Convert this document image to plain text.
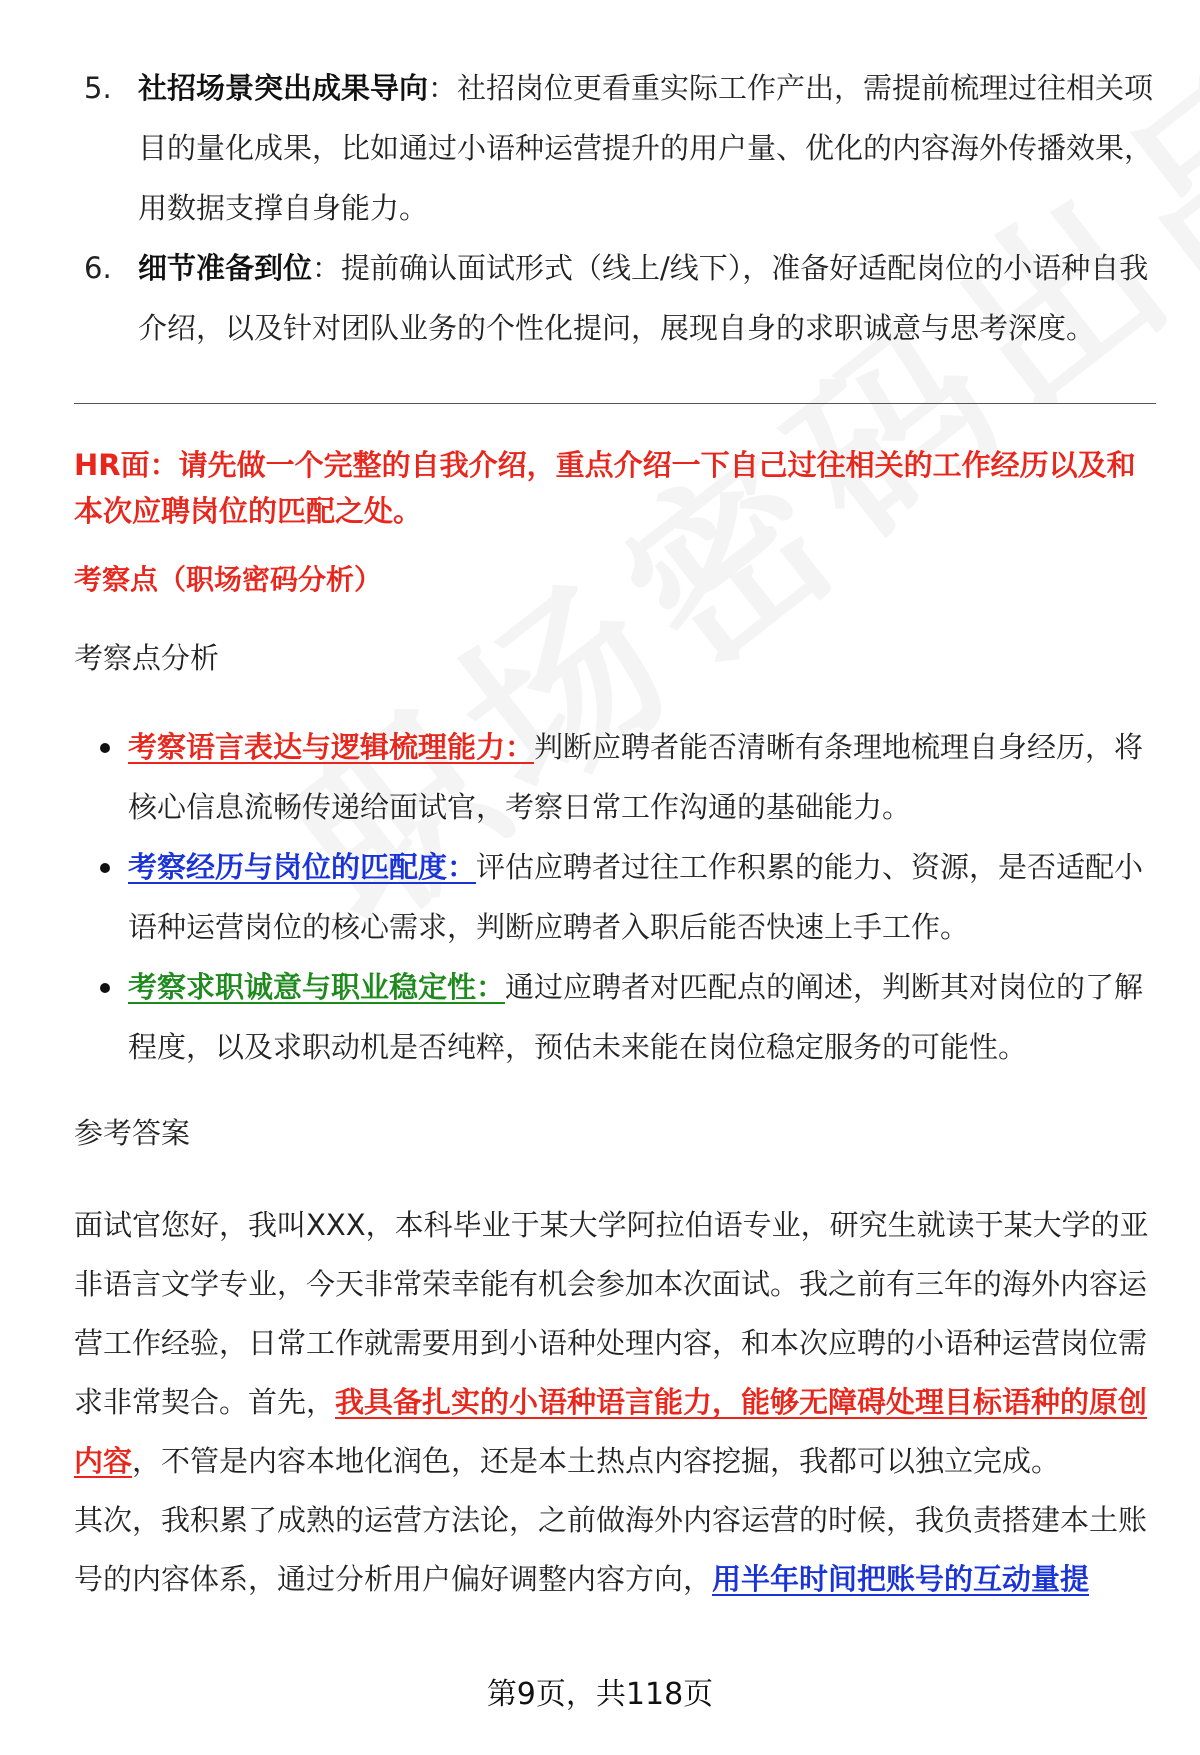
5. 社招场景突出成果导向：社招岗位更看重实际工作产出，需提前梳理过往相关项目的量化成果，比如通过小语种运营提升的用户量、优化的内容海外传播效果，用数据支撑自身能力。
6. 细节准备到位：提前确认面试形式（线上/线下），准备好适配岗位的小语种自我介绍，以及针对团队业务的个性化提问，展现自身的求职诚意与思考深度。
HR面：请先做一个完整的自我介绍，重点介绍一下自己过往相关的工作经历以及和本次应聘岗位的匹配之处。
考察点（职场密码分析）
考察点分析
考察语言表达与逻辑梳理能力：判断应聘者能否清晰有条理地梳理自身经历，将核心信息流畅传递给面试官，考察日常工作沟通的基础能力。
考察经历与岗位的匹配度：评估应聘者过往工作积累的能力、资源，是否适配小语种运营岗位的核心需求，判断应聘者入职后能否快速上手工作。
考察求职诚意与职业稳定性：通过应聘者对匹配点的阐述，判断其对岗位的了解程度，以及求职动机是否纯粹，预估未来能在岗位稳定服务的可能性。
参考答案

面试官您好，我叫XXX，本科毕业于某大学阿拉伯语专业，研究生就读于某大学的亚非语言文学专业，今天非常荣幸能有机会参加本次面试。我之前有三年的海外内容运营工作经验，日常工作就需要用到小语种处理内容，和本次应聘的小语种运营岗位需求非常契合。首先，我具备扎实的小语种语言能力，能够无障碍处理目标语种的原创内容，不管是内容本地化润色，还是本土热点内容挖掘，我都可以独立完成。

其次，我积累了成熟的运营方法论，之前做海外内容运营的时候，我负责搭建本土账号的内容体系，通过分析用户偏好调整内容方向，用半年时间把账号的互动量提

第9页，共118页
